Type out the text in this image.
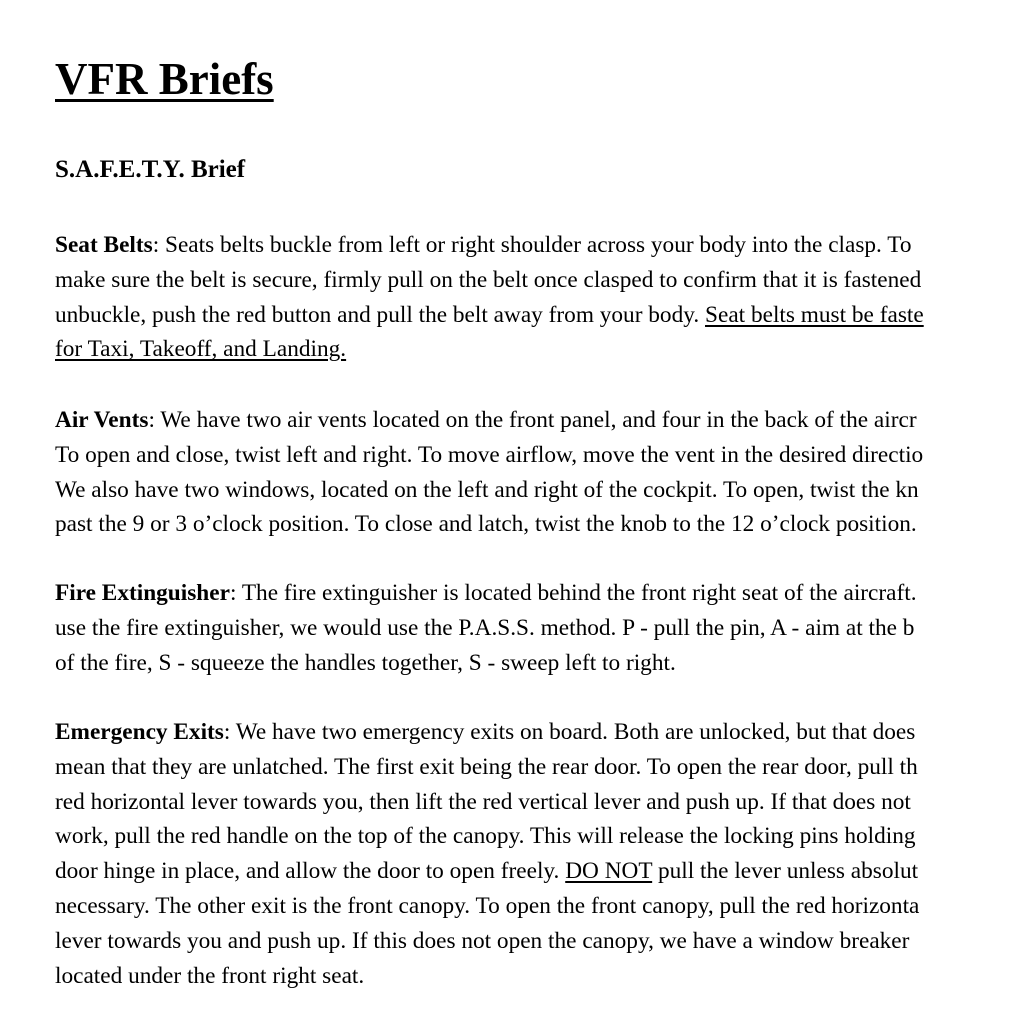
VFR Briefs
S.A.F.E.T.Y. Brief

Seat Belts: Seats belts buckle from left or right shoulder across your body into the clasp. To
make sure the belt is secure, firmly pull on the belt once clasped to confirm that it is fastened
unbuckle, push the red button and pull the belt away from your body. Seat belts must be faste
for Taxi, Takeoff, and Landing.

Air Vents: We have two air vents located on the front panel, and four in the back of the aircr
To open and close, twist left and right. To move airflow, move the vent in the desired directio
We also have two windows, located on the left and right of the cockpit. To open, twist the kn
past the 9 or 3 o’clock position. To close and latch, twist the knob to the 12 o’clock position.

Fire Extinguisher: The fire extinguisher is located behind the front right seat of the aircraft.
use the fire extinguisher, we would use the P.A.S.S. method. P - pull the pin, A - aim at the b
of the fire, S - squeeze the handles together, S - sweep left to right.

Emergency Exits: We have two emergency exits on board. Both are unlocked, but that does
mean that they are unlatched. The first exit being the rear door. To open the rear door, pull th
red horizontal lever towards you, then lift the red vertical lever and push up. If that does not
work, pull the red handle on the top of the canopy. This will release the locking pins holding
door hinge in place, and allow the door to open freely. DO NOT pull the lever unless absolut
necessary. The other exit is the front canopy. To open the front canopy, pull the red horizonta
lever towards you and push up. If this does not open the canopy, we have a window breaker
located under the front right seat.
